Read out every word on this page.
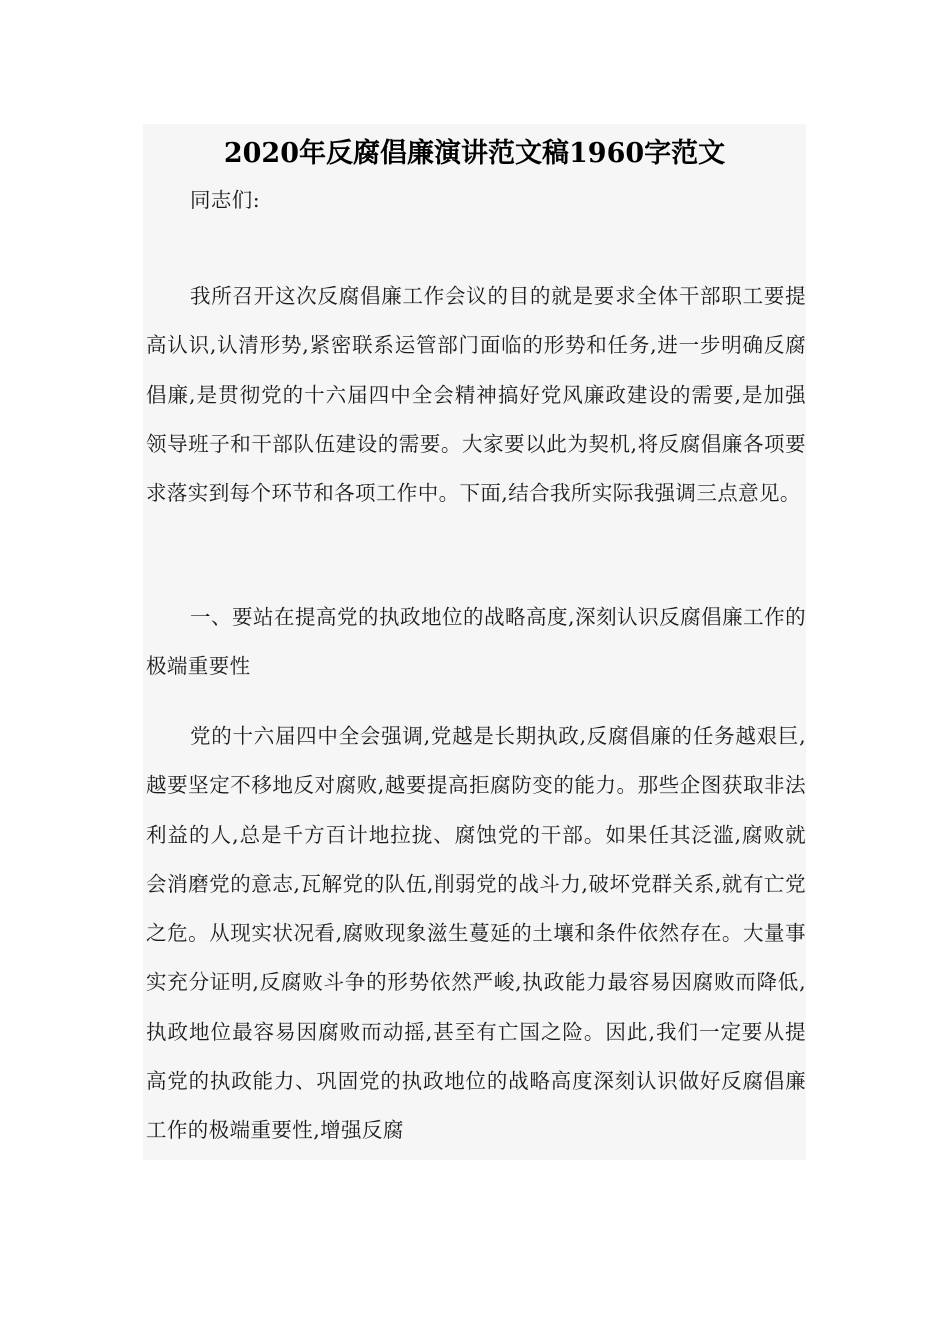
2020年反腐倡廉演讲范文稿1960字范文

同志们:

我所召开这次反腐倡廉工作会议的目的就是要求全体干部职工要提高认识,认清形势,紧密联系运管部门面临的形势和任务,进一步明确反腐倡廉,是贯彻党的十六届四中全会精神搞好党风廉政建设的需要,是加强领导班子和干部队伍建设的需要。大家要以此为契机,将反腐倡廉各项要求落实到每个环节和各项工作中。下面,结合我所实际我强调三点意见。

一、要站在提高党的执政地位的战略高度,深刻认识反腐倡廉工作的极端重要性

党的十六届四中全会强调,党越是长期执政,反腐倡廉的任务越艰巨,越要坚定不移地反对腐败,越要提高拒腐防变的能力。那些企图获取非法利益的人,总是千方百计地拉拢、腐蚀党的干部。如果任其泛滥,腐败就会消磨党的意志,瓦解党的队伍,削弱党的战斗力,破坏党群关系,就有亡党之危。从现实状况看,腐败现象滋生蔓延的土壤和条件依然存在。大量事实充分证明,反腐败斗争的形势依然严峻,执政能力最容易因腐败而降低,执政地位最容易因腐败而动摇,甚至有亡国之险。因此,我们一定要从提高党的执政能力、巩固党的执政地位的战略高度深刻认识做好反腐倡廉工作的极端重要性,增强反腐
